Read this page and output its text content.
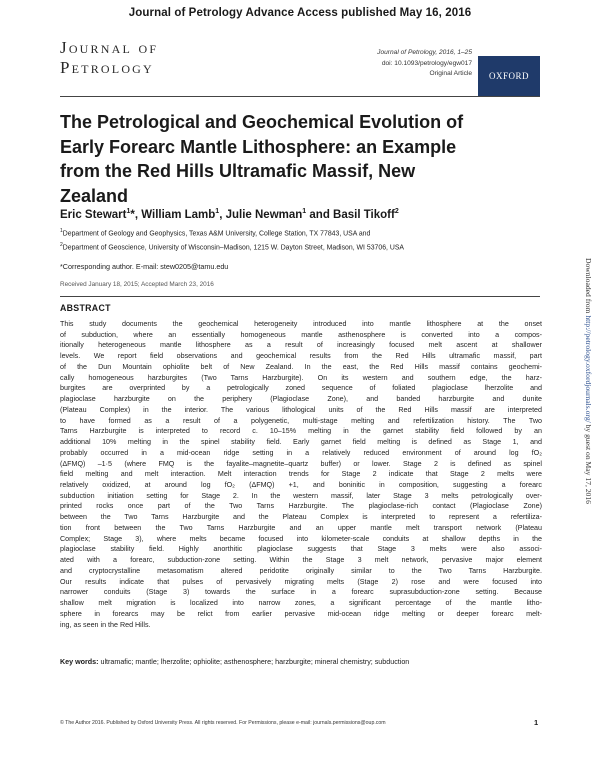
Journal of Petrology Advance Access published May 16, 2016
Journal of
Petrology
Journal of Petrology, 2016, 1–25
doi: 10.1093/petrology/egw017
Original Article OXFORD
The Petrological and Geochemical Evolution of Early Forearc Mantle Lithosphere: an Example from the Red Hills Ultramafic Massif, New Zealand
Eric Stewart$^1$*, William Lamb$^1$, Julie Newman$^1$ and Basil Tikoff$^2$
$^1$Department of Geology and Geophysics, Texas A&M University, College Station, TX 77843, USA and
$^2$Department of Geoscience, University of Wisconsin–Madison, 1215 W. Dayton Street, Madison, WI 53706, USA
*Corresponding author. E-mail: stew0205@tamu.edu
Received January 18, 2015; Accepted March 23, 2016
ABSTRACT
This study documents the geochemical heterogeneity introduced into mantle lithosphere at the onset
of subduction, where an essentially homogeneous mantle asthenosphere is converted into a compos-
itionally heterogeneous mantle lithosphere as a result of increasingly focused melt ascent at shallower
levels. We report field observations and geochemical results from the Red Hills ultramafic massif, part
of the Dun Mountain ophiolite belt of New Zealand. In the east, the Red Hills massif contains geochemi-
cally homogeneous harzburgites (Two Tarns Harzburgite). On its western and southern edge, the harz-
burgites are overprinted by a petrologically zoned sequence of foliated plagioclase lherzolite and
plagioclase harzburgite on the periphery (Plagioclase Zone), and banded harzburgite and dunite
(Plateau Complex) in the interior. The various lithological units of the Red Hills massif are interpreted
to have formed as a result of a polygenetic, multi-stage melting and refertilization history. The Two
Tarns Harzburgite is interpreted to record c. 10–15% melting in the garnet stability field followed by an
additional 10% melting in the spinel stability field. Early garnet field melting is defined as Stage 1, and
probably occurred in a mid-ocean ridge setting in a relatively reduced environment of around log fO₂
(ΔFMQ) –1·5 (where FMQ is the fayalite–magnetite–quartz buffer) or lower. Stage 2 is defined as spinel
field melting and melt interaction. Melt interaction trends for Stage 2 indicate that Stage 2 melts were
relatively oxidized, at around log fO₂ (ΔFMQ) +1, and boninitic in composition, suggesting a forearc
subduction initiation setting for Stage 2. In the western massif, later Stage 3 melts petrologically over-
printed rocks once part of the Two Tarns Harzburgite. The plagioclase-rich contact (Plagioclase Zone)
between the Two Tarns Harzburgite and the Plateau Complex is interpreted to represent a refertiliza-
tion front between the Two Tarns Harzburgite and an upper mantle melt transport network (Plateau
Complex; Stage 3), where melts became focused into kilometer-scale conduits at shallow depths in the
plagioclase stability field. Highly anorthitic plagioclase suggests that Stage 3 melts were also associ-
ated with a forearc, subduction-zone setting. Within the Stage 3 melt network, pervasive major element
and cryptocrystalline metasomatism altered peridotite originally similar to the Two Tarns Harzburgite.
Our results indicate that pulses of pervasively migrating melts (Stage 2) rose and were focused into
narrower conduits (Stage 3) towards the surface in a forearc suprasubduction-zone setting. Because
shallow melt migration is localized into narrow zones, a significant percentage of the mantle litho-
sphere in forearcs may be relict from earlier pervasive mid-ocean ridge melting or deeper forearc melt-
ing, as seen in the Red Hills.
Key words: ultramafic; mantle; lherzolite; ophiolite; asthenosphere; harzburgite; mineral chemistry; subduction
© The Author 2016. Published by Oxford University Press. All rights reserved. For Permissions, please e-mail: journals.permissions@oup.com	1
Downloaded from http://petrology.oxfordjournals.org/ by guest on May 17, 2016
